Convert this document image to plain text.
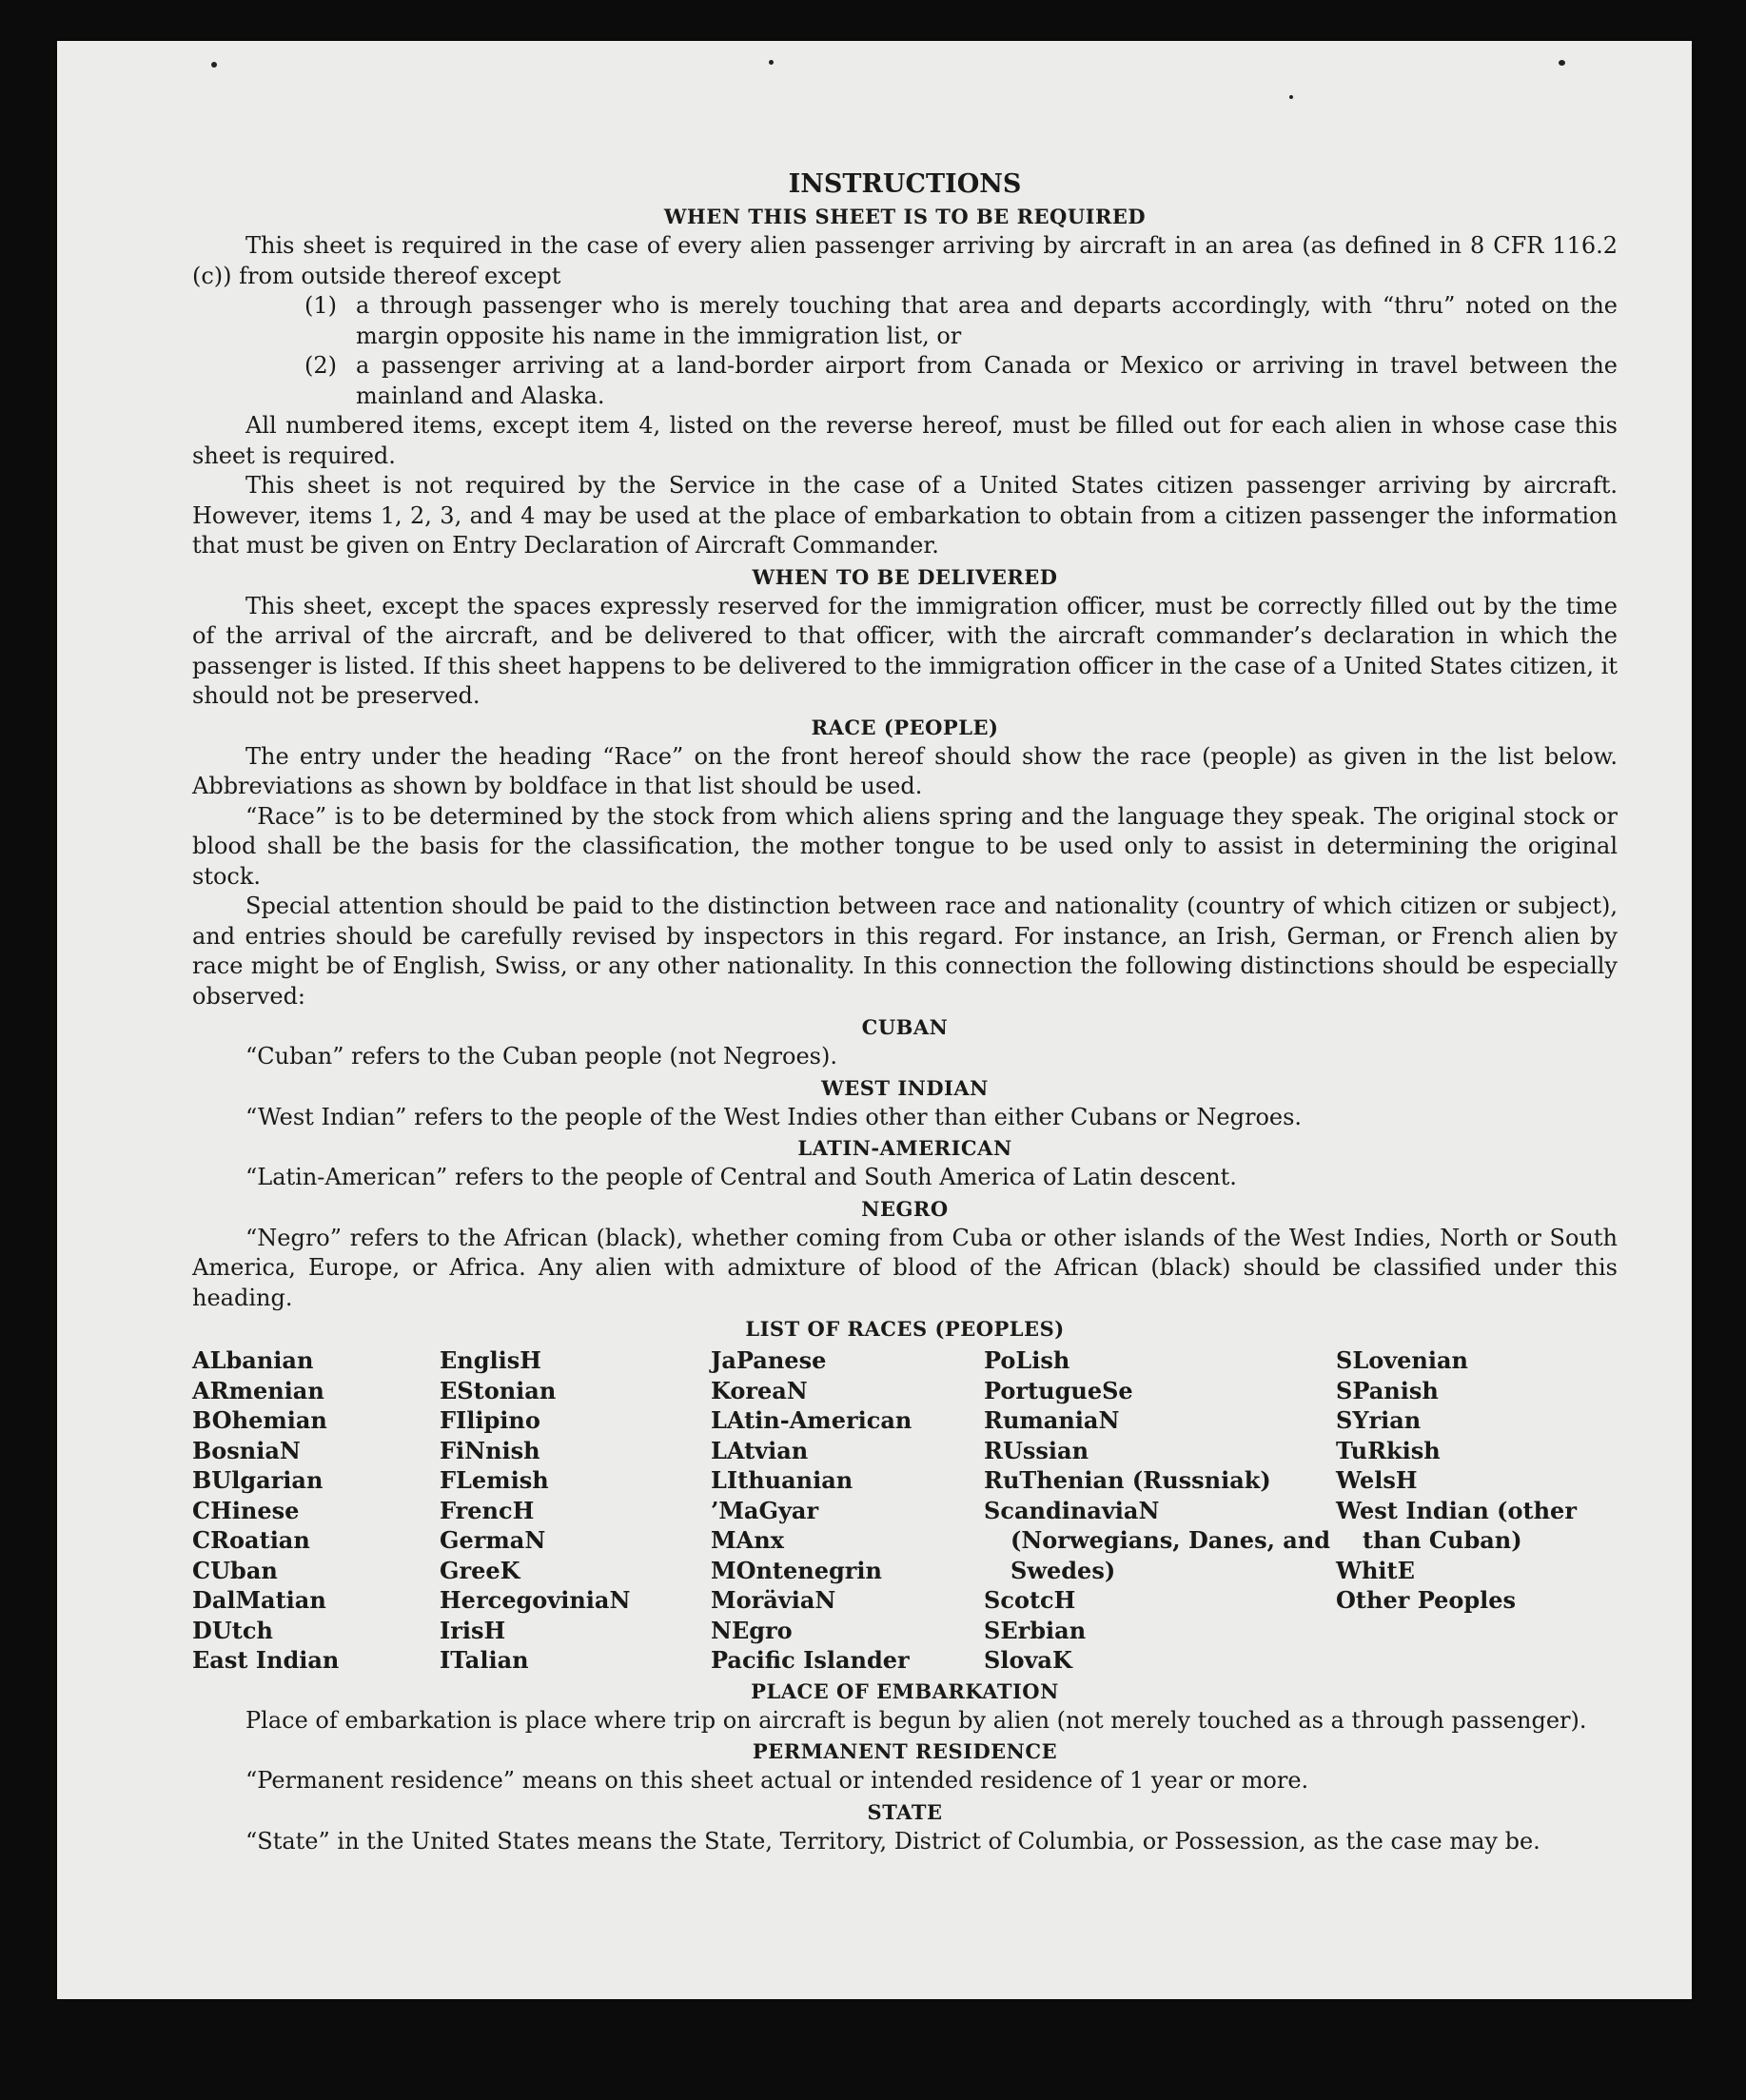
INSTRUCTIONS
WHEN THIS SHEET IS TO BE REQUIRED

This sheet is required in the case of every alien passenger arriving by aircraft in an area (as defined in 8 CFR 116.2 (c)) from outside thereof except

(1) a through passenger who is merely touching that area and departs accordingly, with “thru” noted on the margin opposite his name in the immigration list, or
(2) a passenger arriving at a land-border airport from Canada or Mexico or arriving in travel between the mainland and Alaska.

All numbered items, except item 4, listed on the reverse hereof, must be filled out for each alien in whose case this sheet is required.

This sheet is not required by the Service in the case of a United States citizen passenger arriving by aircraft. However, items 1, 2, 3, and 4 may be used at the place of embarkation to obtain from a citizen passenger the information that must be given on Entry Declaration of Aircraft Commander.

WHEN TO BE DELIVERED

This sheet, except the spaces expressly reserved for the immigration officer, must be correctly filled out by the time of the arrival of the aircraft, and be delivered to that officer, with the aircraft commander’s declaration in which the passenger is listed. If this sheet happens to be delivered to the immigration officer in the case of a United States citizen, it should not be preserved.

RACE (PEOPLE)

The entry under the heading “Race” on the front hereof should show the race (people) as given in the list below. Abbreviations as shown by boldface in that list should be used.

“Race” is to be determined by the stock from which aliens spring and the language they speak. The original stock or blood shall be the basis for the classification, the mother tongue to be used only to assist in determining the original stock.

Special attention should be paid to the distinction between race and nationality (country of which citizen or subject), and entries should be carefully revised by inspectors in this regard. For instance, an Irish, German, or French alien by race might be of English, Swiss, or any other nationality. In this connection the following distinctions should be especially observed:

CUBAN

“Cuban” refers to the Cuban people (not Negroes).

WEST INDIAN

“West Indian” refers to the people of the West Indies other than either Cubans or Negroes.

LATIN-AMERICAN

“Latin-American” refers to the people of Central and South America of Latin descent.

NEGRO

“Negro” refers to the African (black), whether coming from Cuba or other islands of the West Indies, North or South America, Europe, or Africa. Any alien with admixture of blood of the African (black) should be classified under this heading.

LIST OF RACES (PEOPLES)
ALbanian
ARmenian
BOhemian
BosniaN
BUlgarian
CHinese
CRoatian
CUban
DalMatian
DUtch
East Indian
EnglisH
EStonian
FIlipino
FiNnish
FLemish
FrencH
GermaN
GreeK
HercegoviniaN
IrisH
ITalian
JaPanese
KoreaN
LAtin-American
LAtvian
LIthuanian
’MaGyar
MAnx
MOntenegrin
MoräviaN
NEgro
Pacific Islander
PoLish
PortugueSe
RumaniaN
RUssian
RuThenian (Russniak)
ScandinaviaN (Norwegians, Danes, and Swedes)
ScotcH
SErbian
SlovaK
SLovenian
SPanish
SYrian
TuRkish
WelsH
West Indian (other than Cuban)
WhitE
Other Peoples
PLACE OF EMBARKATION

Place of embarkation is place where trip on aircraft is begun by alien (not merely touched as a through passenger).

PERMANENT RESIDENCE

“Permanent residence” means on this sheet actual or intended residence of 1 year or more.

STATE

“State” in the United States means the State, Territory, District of Columbia, or Possession, as the case may be.
